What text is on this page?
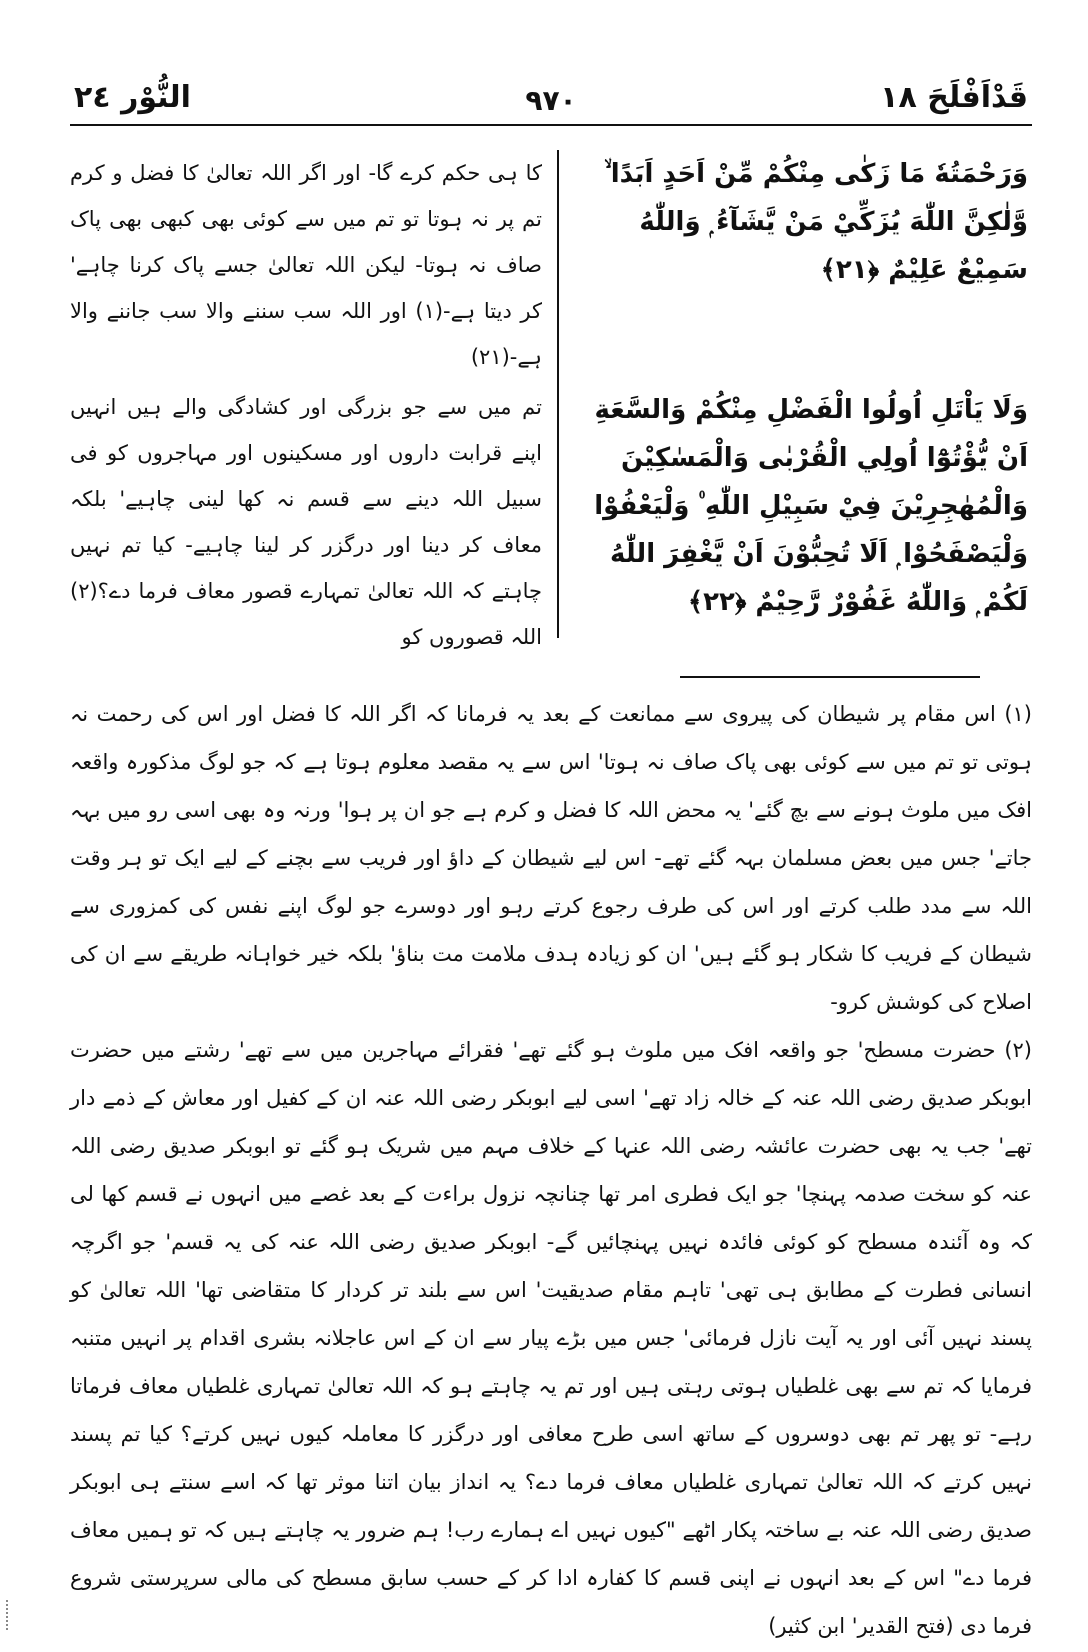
قَدْاَفْلَحَ ١٨
٩٧٠
النُّوْر ٢٤

وَرَحْمَتُهٗ مَا زَكٰى مِنْكُمْ مِّنْ اَحَدٍ اَبَدًا ۙ وَّلٰكِنَّ اللّٰهَ يُزَكِّيْ مَنْ يَّشَآءُ ۭ وَاللّٰهُ سَمِيْعٌ عَلِيْمٌ ﴿٢١﴾

وَلَا يَاْتَلِ اُولُوا الْفَضْلِ مِنْكُمْ وَالسَّعَةِ اَنْ يُّؤْتُوْٓا اُولِي الْقُرْبٰى وَالْمَسٰكِيْنَ وَالْمُهٰجِرِيْنَ فِيْ سَبِيْلِ اللّٰهِ ۠ وَلْيَعْفُوْا وَلْيَصْفَحُوْا ۭ اَلَا تُحِبُّوْنَ اَنْ يَّغْفِرَ اللّٰهُ لَكُمْ ۭ وَاللّٰهُ غَفُوْرٌ رَّحِيْمٌ ﴿٢٢﴾

کا ہی حکم کرے گا- اور اگر اللہ تعالیٰ کا فضل و کرم تم پر نہ ہوتا تو تم میں سے کوئی بھی کبھی بھی پاک صاف نہ ہوتا- لیکن اللہ تعالیٰ جسے پاک کرنا چاہے' کر دیتا ہے-(۱) اور اللہ سب سننے والا سب جاننے والا ہے-(۲۱)

تم میں سے جو بزرگی اور کشادگی والے ہیں انہیں اپنے قرابت داروں اور مسکینوں اور مہاجروں کو فی سبیل اللہ دینے سے قسم نہ کھا لینی چاہیے' بلکہ معاف کر دینا اور درگزر کر لینا چاہیے- کیا تم نہیں چاہتے کہ اللہ تعالیٰ تمہارے قصور معاف فرما دے؟(۲) اللہ قصوروں کو

(۱) اس مقام پر شیطان کی پیروی سے ممانعت کے بعد یہ فرمانا کہ اگر اللہ کا فضل اور اس کی رحمت نہ ہوتی تو تم میں سے کوئی بھی پاک صاف نہ ہوتا' اس سے یہ مقصد معلوم ہوتا ہے کہ جو لوگ مذکورہ واقعہ افک میں ملوث ہونے سے بچ گئے' یہ محض اللہ کا فضل و کرم ہے جو ان پر ہوا' ورنہ وہ بھی اسی رو میں بہہ جاتے' جس میں بعض مسلمان بہہ گئے تھے- اس لیے شیطان کے داؤ اور فریب سے بچنے کے لیے ایک تو ہر وقت اللہ سے مدد طلب کرتے اور اس کی طرف رجوع کرتے رہو اور دوسرے جو لوگ اپنے نفس کی کمزوری سے شیطان کے فریب کا شکار ہو گئے ہیں' ان کو زیادہ ہدف ملامت مت بناؤ' بلکہ خیر خواہانہ طریقے سے ان کی اصلاح کی کوشش کرو-

(۲) حضرت مسطح' جو واقعہ افک میں ملوث ہو گئے تھے' فقرائے مہاجرین میں سے تھے' رشتے میں حضرت ابوبکر صدیق رضی اللہ عنہ کے خالہ زاد تھے' اسی لیے ابوبکر رضی اللہ عنہ ان کے کفیل اور معاش کے ذمے دار تھے' جب یہ بھی حضرت عائشہ رضی اللہ عنہا کے خلاف مہم میں شریک ہو گئے تو ابوبکر صدیق رضی اللہ عنہ کو سخت صدمہ پہنچا' جو ایک فطری امر تھا چنانچہ نزول براءت کے بعد غصے میں انہوں نے قسم کھا لی کہ وہ آئندہ مسطح کو کوئی فائدہ نہیں پہنچائیں گے- ابوبکر صدیق رضی اللہ عنہ کی یہ قسم' جو اگرچہ انسانی فطرت کے مطابق ہی تھی' تاہم مقام صدیقیت' اس سے بلند تر کردار کا متقاضی تھا' اللہ تعالیٰ کو پسند نہیں آئی اور یہ آیت نازل فرمائی' جس میں بڑے پیار سے ان کے اس عاجلانہ بشری اقدام پر انہیں متنبہ فرمایا کہ تم سے بھی غلطیاں ہوتی رہتی ہیں اور تم یہ چاہتے ہو کہ اللہ تعالیٰ تمہاری غلطیاں معاف فرماتا رہے- تو پھر تم بھی دوسروں کے ساتھ اسی طرح معافی اور درگزر کا معاملہ کیوں نہیں کرتے؟ کیا تم پسند نہیں کرتے کہ اللہ تعالیٰ تمہاری غلطیاں معاف فرما دے؟ یہ انداز بیان اتنا موثر تھا کہ اسے سنتے ہی ابوبکر صدیق رضی اللہ عنہ بے ساختہ پکار اٹھے "کیوں نہیں اے ہمارے رب! ہم ضرور یہ چاہتے ہیں کہ تو ہمیں معاف فرما دے" اس کے بعد انہوں نے اپنی قسم کا کفارہ ادا کر کے حسب سابق مسطح کی مالی سرپرستی شروع فرما دی (فتح القدیر' ابن کثیر)
